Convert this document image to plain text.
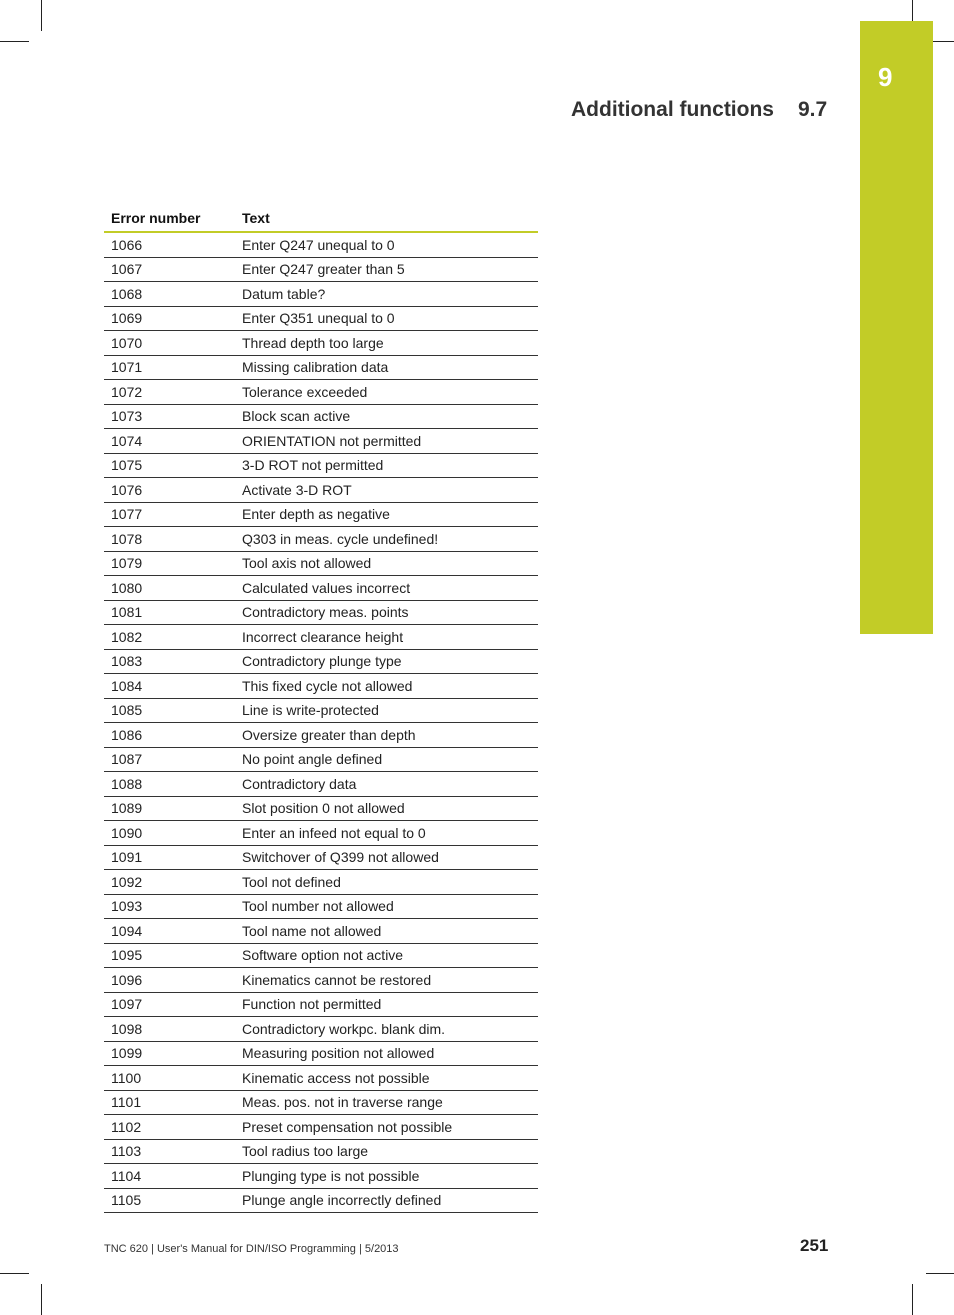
9
Additional functions 9.7
Error number	Text
1066	Enter Q247 unequal to 0
1067	Enter Q247 greater than 5
1068	Datum table?
1069	Enter Q351 unequal to 0
1070	Thread depth too large
1071	Missing calibration data
1072	Tolerance exceeded
1073	Block scan active
1074	ORIENTATION not permitted
1075	3-D ROT not permitted
1076	Activate 3-D ROT
1077	Enter depth as negative
1078	Q303 in meas. cycle undefined!
1079	Tool axis not allowed
1080	Calculated values incorrect
1081	Contradictory meas. points
1082	Incorrect clearance height
1083	Contradictory plunge type
1084	This fixed cycle not allowed
1085	Line is write-protected
1086	Oversize greater than depth
1087	No point angle defined
1088	Contradictory data
1089	Slot position 0 not allowed
1090	Enter an infeed not equal to 0
1091	Switchover of Q399 not allowed
1092	Tool not defined
1093	Tool number not allowed
1094	Tool name not allowed
1095	Software option not active
1096	Kinematics cannot be restored
1097	Function not permitted
1098	Contradictory workpc. blank dim.
1099	Measuring position not allowed
1100	Kinematic access not possible
1101	Meas. pos. not in traverse range
1102	Preset compensation not possible
1103	Tool radius too large
1104	Plunging type is not possible
1105	Plunge angle incorrectly defined
TNC 620 | User's Manual for DIN/ISO Programming | 5/2013	251
